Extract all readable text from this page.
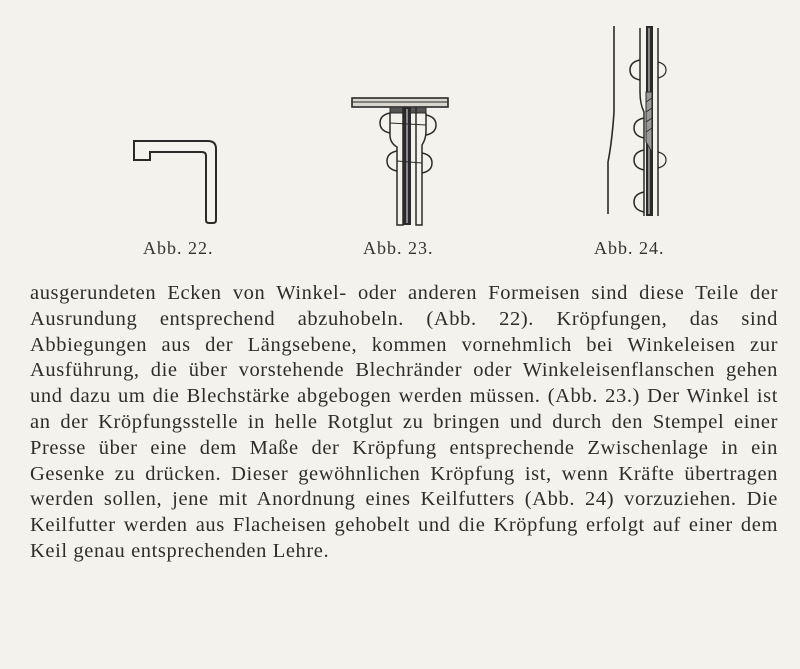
Abb. 22.	Abb. 23.	Abb. 24.

ausgerundeten Ecken von Winkel- oder anderen Formeisen sind diese Teile der Ausrundung entsprechend abzuhobeln. (Abb. 22). Kröpfungen, das sind Abbiegungen aus der Längsebene, kommen vornehmlich bei Winkeleisen zur Ausführung, die über vorstehende Blechränder oder Winkeleisenflanschen gehen und dazu um die Blechstärke abgebogen werden müssen. (Abb. 23.) Der Winkel ist an der Kröpfungsstelle in helle Rotglut zu bringen und durch den Stempel einer Presse über eine dem Maße der Kröpfung entsprechende Zwischenlage in ein Gesenke zu drücken. Dieser gewöhnlichen Kröpfung ist, wenn Kräfte übertragen werden sollen, jene mit Anordnung eines Keilfutters (Abb. 24) vorzuziehen. Die Keilfutter werden aus Flacheisen gehobelt und die Kröpfung erfolgt auf einer dem Keil genau entsprechenden Lehre.
